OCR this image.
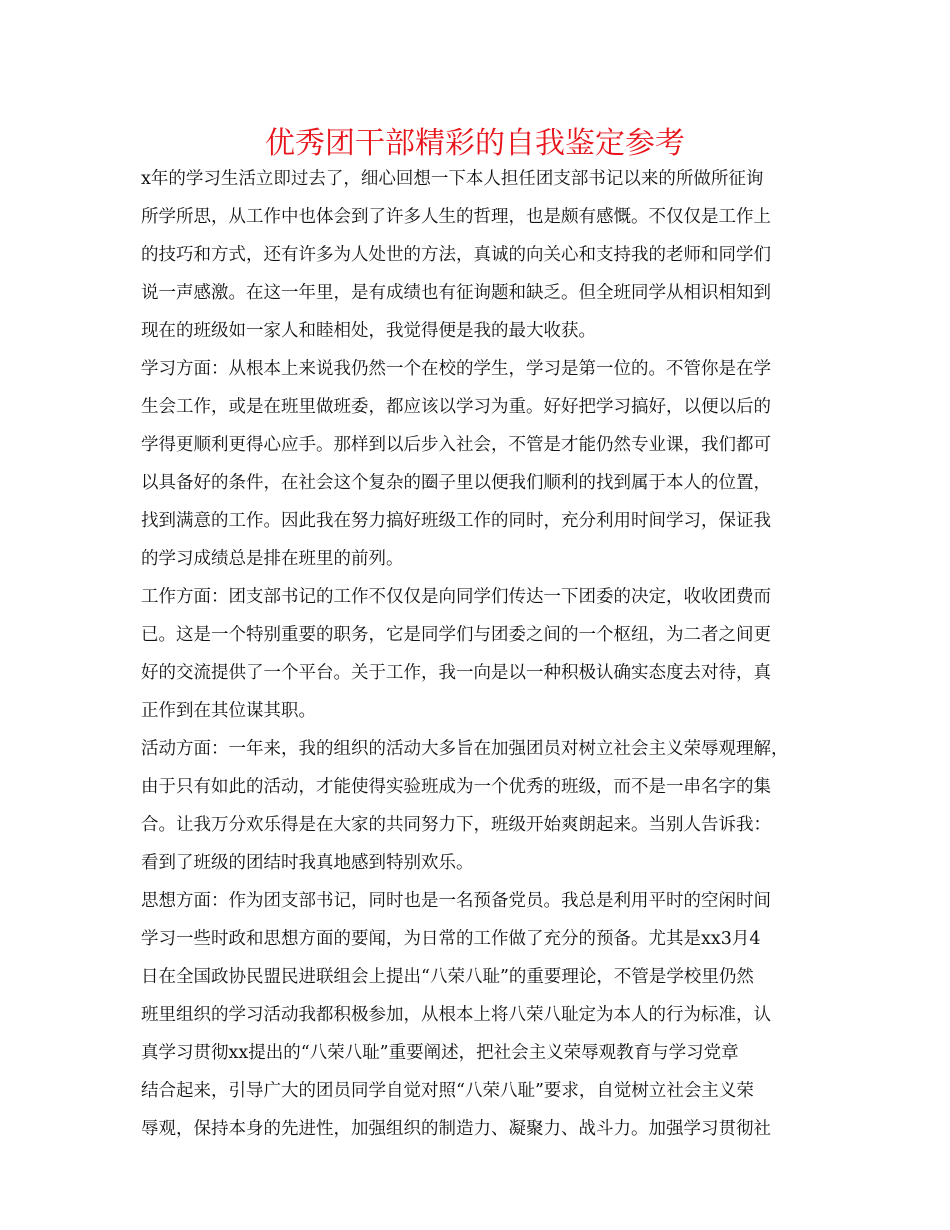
优秀团干部精彩的自我鉴定参考
x年的学习生活立即过去了，细心回想一下本人担任团支部书记以来的所做所征询
所学所思，从工作中也体会到了许多人生的哲理，也是颇有感慨。不仅仅是工作上
的技巧和方式，还有许多为人处世的方法，真诚的向关心和支持我的老师和同学们
说一声感激。在这一年里，是有成绩也有征询题和缺乏。但全班同学从相识相知到
现在的班级如一家人和睦相处，我觉得便是我的最大收获。
学习方面：从根本上来说我仍然一个在校的学生，学习是第一位的。不管你是在学
生会工作，或是在班里做班委，都应该以学习为重。好好把学习搞好，以便以后的
学得更顺利更得心应手。那样到以后步入社会，不管是才能仍然专业课，我们都可
以具备好的条件，在社会这个复杂的圈子里以便我们顺利的找到属于本人的位置，
找到满意的工作。因此我在努力搞好班级工作的同时，充分利用时间学习，保证我
的学习成绩总是排在班里的前列。
工作方面：团支部书记的工作不仅仅是向同学们传达一下团委的决定，收收团费而
已。这是一个特别重要的职务，它是同学们与团委之间的一个枢纽，为二者之间更
好的交流提供了一个平台。关于工作，我一向是以一种积极认确实态度去对待，真
正作到在其位谋其职。
活动方面：一年来，我的组织的活动大多旨在加强团员对树立社会主义荣辱观理解，
由于只有如此的活动，才能使得实验班成为一个优秀的班级，而不是一串名字的集
合。让我万分欢乐得是在大家的共同努力下，班级开始爽朗起来。当别人告诉我：
看到了班级的团结时我真地感到特别欢乐。
思想方面：作为团支部书记，同时也是一名预备党员。我总是利用平时的空闲时间
学习一些时政和思想方面的要闻，为日常的工作做了充分的预备。尤其是xx3月4
日在全国政协民盟民进联组会上提出“八荣八耻”的重要理论，不管是学校里仍然
班里组织的学习活动我都积极参加，从根本上将八荣八耻定为本人的行为标准，认
真学习贯彻xx提出的“八荣八耻”重要阐述，把社会主义荣辱观教育与学习党章
结合起来，引导广大的团员同学自觉对照“八荣八耻”要求，自觉树立社会主义荣
辱观，保持本身的先进性，加强组织的制造力、凝聚力、战斗力。加强学习贯彻社
